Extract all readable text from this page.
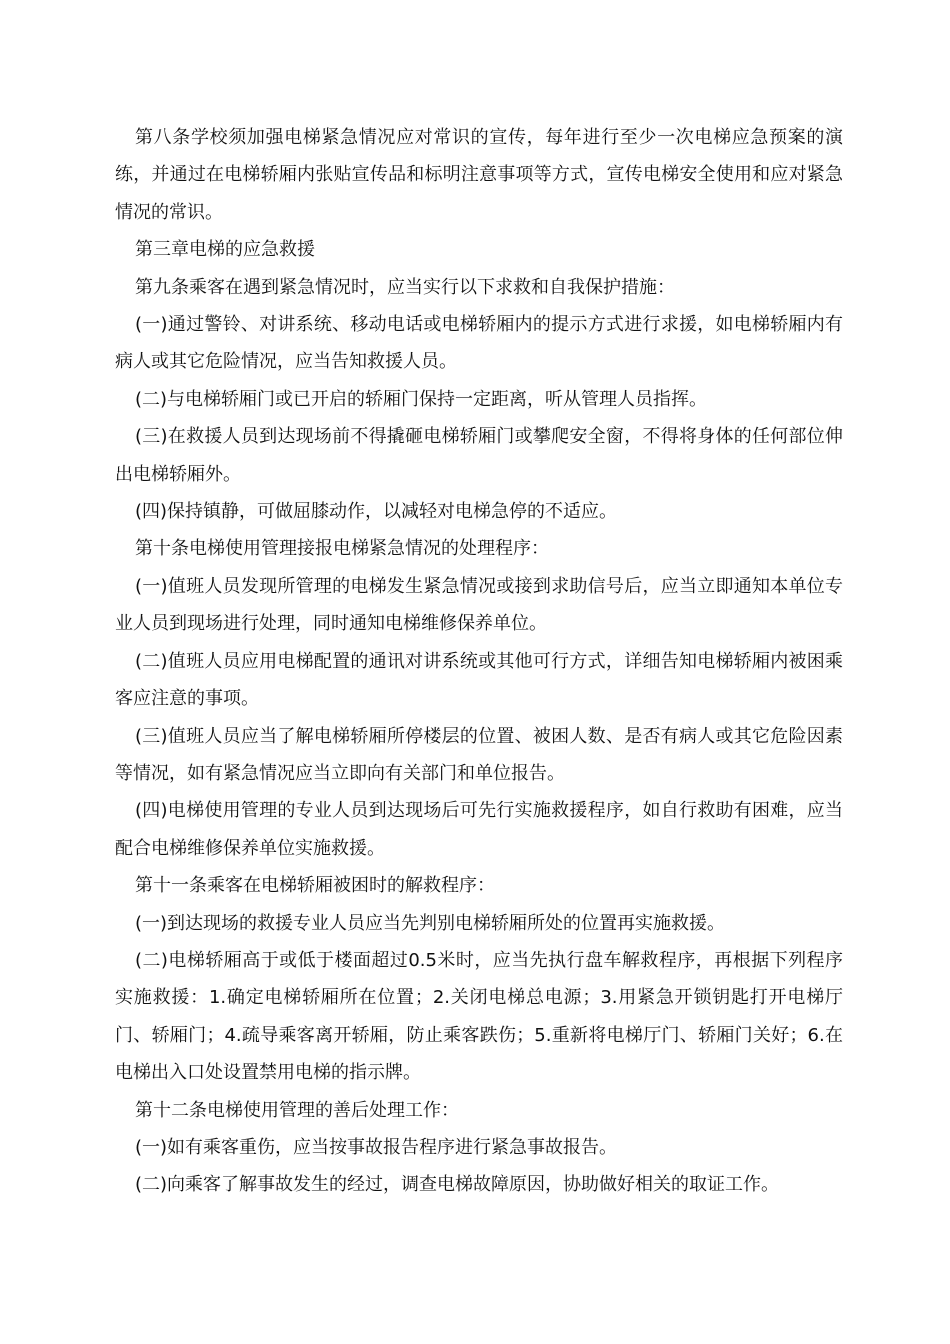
第八条学校须加强电梯紧急情况应对常识的宣传，每年进行至少一次电梯应急预案的演练，并通过在电梯轿厢内张贴宣传品和标明注意事项等方式，宣传电梯安全使用和应对紧急情况的常识。

第三章电梯的应急救援

第九条乘客在遇到紧急情况时，应当实行以下求救和自我保护措施：

(一)通过警铃、对讲系统、移动电话或电梯轿厢内的提示方式进行求援，如电梯轿厢内有病人或其它危险情况，应当告知救援人员。

(二)与电梯轿厢门或已开启的轿厢门保持一定距离，听从管理人员指挥。

(三)在救援人员到达现场前不得撬砸电梯轿厢门或攀爬安全窗，不得将身体的任何部位伸出电梯轿厢外。

(四)保持镇静，可做屈膝动作，以减轻对电梯急停的不适应。

第十条电梯使用管理接报电梯紧急情况的处理程序：

(一)值班人员发现所管理的电梯发生紧急情况或接到求助信号后，应当立即通知本单位专业人员到现场进行处理，同时通知电梯维修保养单位。

(二)值班人员应用电梯配置的通讯对讲系统或其他可行方式，详细告知电梯轿厢内被困乘客应注意的事项。

(三)值班人员应当了解电梯轿厢所停楼层的位置、被困人数、是否有病人或其它危险因素等情况，如有紧急情况应当立即向有关部门和单位报告。

(四)电梯使用管理的专业人员到达现场后可先行实施救援程序，如自行救助有困难，应当配合电梯维修保养单位实施救援。

第十一条乘客在电梯轿厢被困时的解救程序：

(一)到达现场的救援专业人员应当先判别电梯轿厢所处的位置再实施救援。

(二)电梯轿厢高于或低于楼面超过0.5米时，应当先执行盘车解救程序，再根据下列程序实施救援：1.确定电梯轿厢所在位置；2.关闭电梯总电源；3.用紧急开锁钥匙打开电梯厅门、轿厢门；4.疏导乘客离开轿厢，防止乘客跌伤；5.重新将电梯厅门、轿厢门关好；6.在电梯出入口处设置禁用电梯的指示牌。

第十二条电梯使用管理的善后处理工作：

(一)如有乘客重伤，应当按事故报告程序进行紧急事故报告。

(二)向乘客了解事故发生的经过，调查电梯故障原因，协助做好相关的取证工作。
